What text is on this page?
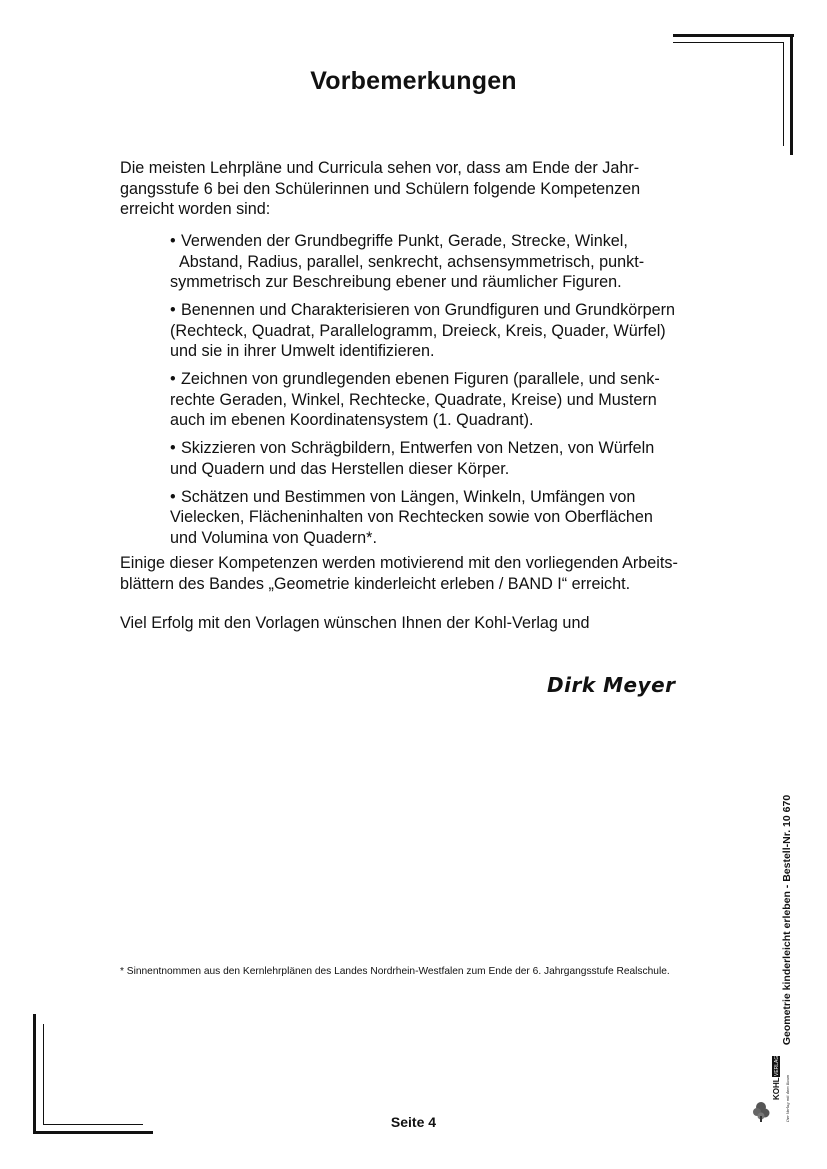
Vorbemerkungen
Die meisten Lehrpläne und Curricula sehen vor, dass am Ende der Jahr-
gangsstufe 6 bei den Schülerinnen und Schülern folgende Kompetenzen
erreicht worden sind:
• Verwenden der Grundbegriffe Punkt, Gerade, Strecke, Winkel,
Abstand, Radius, parallel, senkrecht, achsensymmetrisch, punkt-
symmetrisch zur Beschreibung ebener und räumlicher Figuren.
• Benennen und Charakterisieren von Grundfiguren und Grundkörpern
(Rechteck, Quadrat, Parallelogramm, Dreieck, Kreis, Quader, Würfel)
und sie in ihrer Umwelt identifizieren.
• Zeichnen von grundlegenden ebenen Figuren (parallele, und senk-
rechte Geraden, Winkel, Rechtecke, Quadrate, Kreise) und Mustern
auch im ebenen Koordinatensystem (1. Quadrant).
• Skizzieren von Schrägbildern, Entwerfen von Netzen, von Würfeln
und Quadern und das Herstellen dieser Körper.
• Schätzen und Bestimmen von Längen, Winkeln, Umfängen von
Vielecken, Flächeninhalten von Rechtecken sowie von Oberflächen
und Volumina von Quadern*.
Einige dieser Kompetenzen werden motivierend mit den vorliegenden Arbeits-
blättern des Bandes „Geometrie kinderleicht erleben / BAND I“ erreicht.
Viel Erfolg mit den Vorlagen wünschen Ihnen der Kohl-Verlag und
Dirk Meyer
* Sinnentnommen aus den Kernlehrplänen des Landes Nordrhein-Westfalen zum Ende der 6. Jahrgangsstufe Realschule.	Geometrie kinderleicht erleben - Bestell-Nr. 10 670
KOHL
VERLAG
Der Verlag mit dem Baum
Seite 4
